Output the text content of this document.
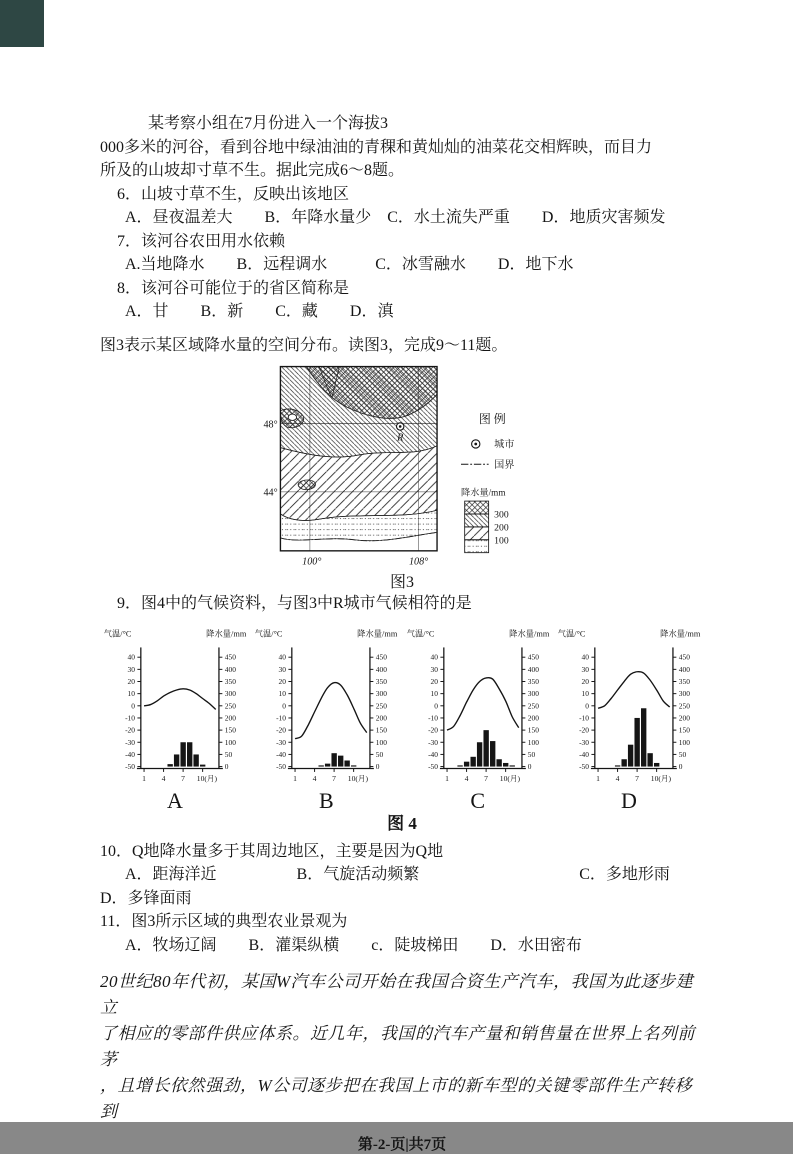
某考察小组在7月份进入一个海拔3
000多米的河谷，看到谷地中绿油油的青稞和黄灿灿的油菜花交相辉映，而目力
所及的山坡却寸草不生。据此完成6～8题。
6．山坡寸草不生，反映出该地区
A．昼夜温差大　　B．年降水量少　C．水土流失严重　　D．地质灾害频发
7．该河谷农田用水依赖
A.当地降水　　B．远程调水　　　C．冰雪融水　　D．地下水
8．该河谷可能位于的省区简称是
A．甘　　B．新　　C．藏　　D．滇
图3表示某区域降水量的空间分布。读图3，完成9～11题。
R
48°
44°
100°	108°
图 例
城市
国界
降水量/mm
300
200
100
图3
9．图4中的气候资料，与图3中R城市气候相符的是
气温/°C	降水量/mm
40
30
20
10
0
-10
-20
-30
-40
-50
450
400
350
300
250
200
150
100
50
0
1 4 7 10(月)
A
气温/°C	降水量/mm
40
30
20
10
0
-10
-20
-30
-40
-50
450
400
350
300
250
200
150
100
50
0
1 4 7 10(月)
B
气温/°C	降水量/mm
40
30
20
10
0
-10
-20
-30
-40
-50
450
400
350
300
250
200
150
100
50
0
1 4 7 10(月)
C
气温/°C	降水量/mm
40
30
20
10
0
-10
-20
-30
-40
-50
450
400
350
300
250
200
150
100
50
0
1 4 7 10(月)
D
图 4
10．Q地降水量多于其周边地区，主要是因为Q地
A．距海洋近　　　　　B．气旋活动频繁　　　　　　　　　　C．多地形雨
D．多锋面雨
11．图3所示区域的典型农业景观为
A．牧场辽阔　　B．灌渠纵横　　c．陡坡梯田　　D．水田密布
20世纪80年代初，某国W汽车公司开始在我国合资生产汽车，我国为此逐步建立
了相应的零部件供应体系。近几年，我国的汽车产量和销售量在世界上名列前茅
，且增长依然强劲，W公司逐步把在我国上市的新车型的关键零部件生产转移到
第-2-页|共7页
